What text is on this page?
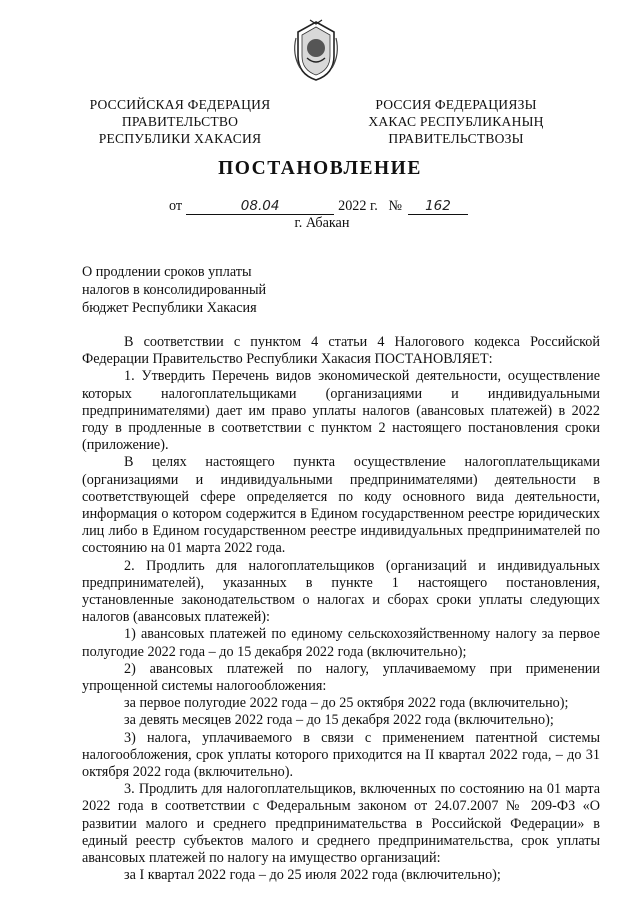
РОССИЙСКАЯ ФЕДЕРАЦИЯ
ПРАВИТЕЛЬСТВО
РЕСПУБЛИКИ ХАКАСИЯ
РОССИЯ ФЕДЕРАЦИЯЗЫ
ХАКАС РЕСПУБЛИКАНЫҢ
ПРАВИТЕЛЬСТВОЗЫ
ПОСТАНОВЛЕНИЕ
от	08.04	2022 г. № 162
г. Абакан
О продлении сроков уплаты налогов в консолидированный бюджет Республики Хакасия

В соответствии с пунктом 4 статьи 4 Налогового кодекса Российской Федерации Правительство Республики Хакасия ПОСТАНОВЛЯЕТ:

1. Утвердить Перечень видов экономической деятельности, осуществление которых налогоплательщиками (организациями и индивидуальными предпринимателями) дает им право уплаты налогов (авансовых платежей) в 2022 году в продленные в соответствии с пунктом 2 настоящего постановления сроки (приложение).

В целях настоящего пункта осуществление налогоплательщиками (организациями и индивидуальными предпринимателями) деятельности в соответствующей сфере определяется по коду основного вида деятельности, информация о котором содержится в Едином государственном реестре юридических лиц либо в Едином государственном реестре индивидуальных предпринимателей по состоянию на 01 марта 2022 года.

2. Продлить для налогоплательщиков (организаций и индивидуальных предпринимателей), указанных в пункте 1 настоящего постановления, установленные законодательством о налогах и сборах сроки уплаты следующих налогов (авансовых платежей):

1) авансовых платежей по единому сельскохозяйственному налогу за первое полугодие 2022 года – до 15 декабря 2022 года (включительно);

2) авансовых платежей по налогу, уплачиваемому при применении упрощенной системы налогообложения:

за первое полугодие 2022 года – до 25 октября 2022 года (включительно);

за девять месяцев 2022 года – до 15 декабря 2022 года (включительно);

3) налога, уплачиваемого в связи с применением патентной системы налогообложения, срок уплаты которого приходится на II квартал 2022 года, – до 31 октября 2022 года (включительно).

3. Продлить для налогоплательщиков, включенных по состоянию на 01 марта 2022 года в соответствии с Федеральным законом от 24.07.2007 № 209-ФЗ «О развитии малого и среднего предпринимательства в Российской Федерации» в единый реестр субъектов малого и среднего предпринимательства, срок уплаты авансовых платежей по налогу на имущество организаций:

за I квартал 2022 года – до 25 июля 2022 года (включительно);
